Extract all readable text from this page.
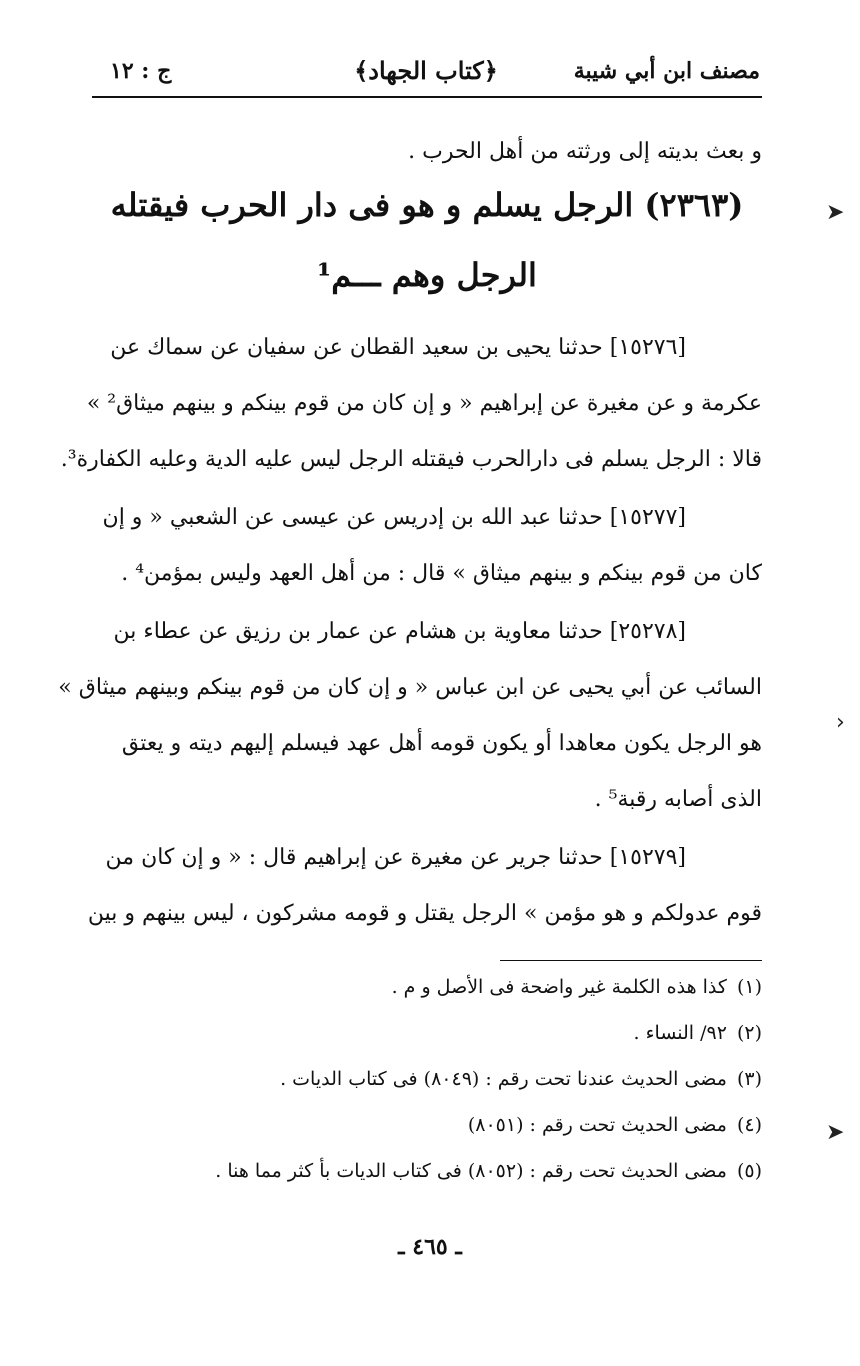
مصنف ابن أبي شيبة
﴿كتاب الجهاد﴾
ج : ١٢
و بعث بديته إلى ورثته من أهل الحرب .
(٢٣٦٣) الرجل يسلم و هو فى دار الحرب فيقتله
الرجل وهم ـــم¹
[١٥٢٧٦] حدثنا يحيى بن سعيد القطان عن سفيان عن سماك عن
عكرمة و عن مغيرة عن إبراهيم « و إن كان من قوم بينكم و بينهم ميثاق² »
قالا : الرجل يسلم فى دارالحرب فيقتله الرجل ليس عليه الدية وعليه الكفارة³.
[١٥٢٧٧] حدثنا عبد الله بن إدريس عن عيسى عن الشعبي « و إن
كان من قوم بينكم و بينهم ميثاق » قال : من أهل العهد وليس بمؤمن⁴ .
[٢٥٢٧٨] حدثنا معاوية بن هشام عن عمار بن رزيق عن عطاء بن
السائب عن أبي يحيى عن ابن عباس « و إن كان من قوم بينكم وبينهم ميثاق »
هو الرجل يكون معاهدا أو يكون قومه أهل عهد فيسلم إليهم ديته و يعتق
الذى أصابه رقبة⁵ .
[١٥٢٧٩] حدثنا جرير عن مغيرة عن إبراهيم قال : « و إن كان من
قوم عدولكم و هو مؤمن » الرجل يقتل و قومه مشركون ، ليس بينهم و بين
(١)كذا هذه الكلمة غير واضحة فى الأصل و م .
(٢)٩٢/ النساء .
(٣)مضى الحديث عندنا تحت رقم : (٨٠٤٩) فى كتاب الديات .
(٤)مضى الحديث تحت رقم : (٨٠٥١)
(٥)مضى الحديث تحت رقم : (٨٠٥٢) فى كتاب الديات بأ كثر مما هنا .
ـ ٤٦٥ ـ
➤
›
➤
